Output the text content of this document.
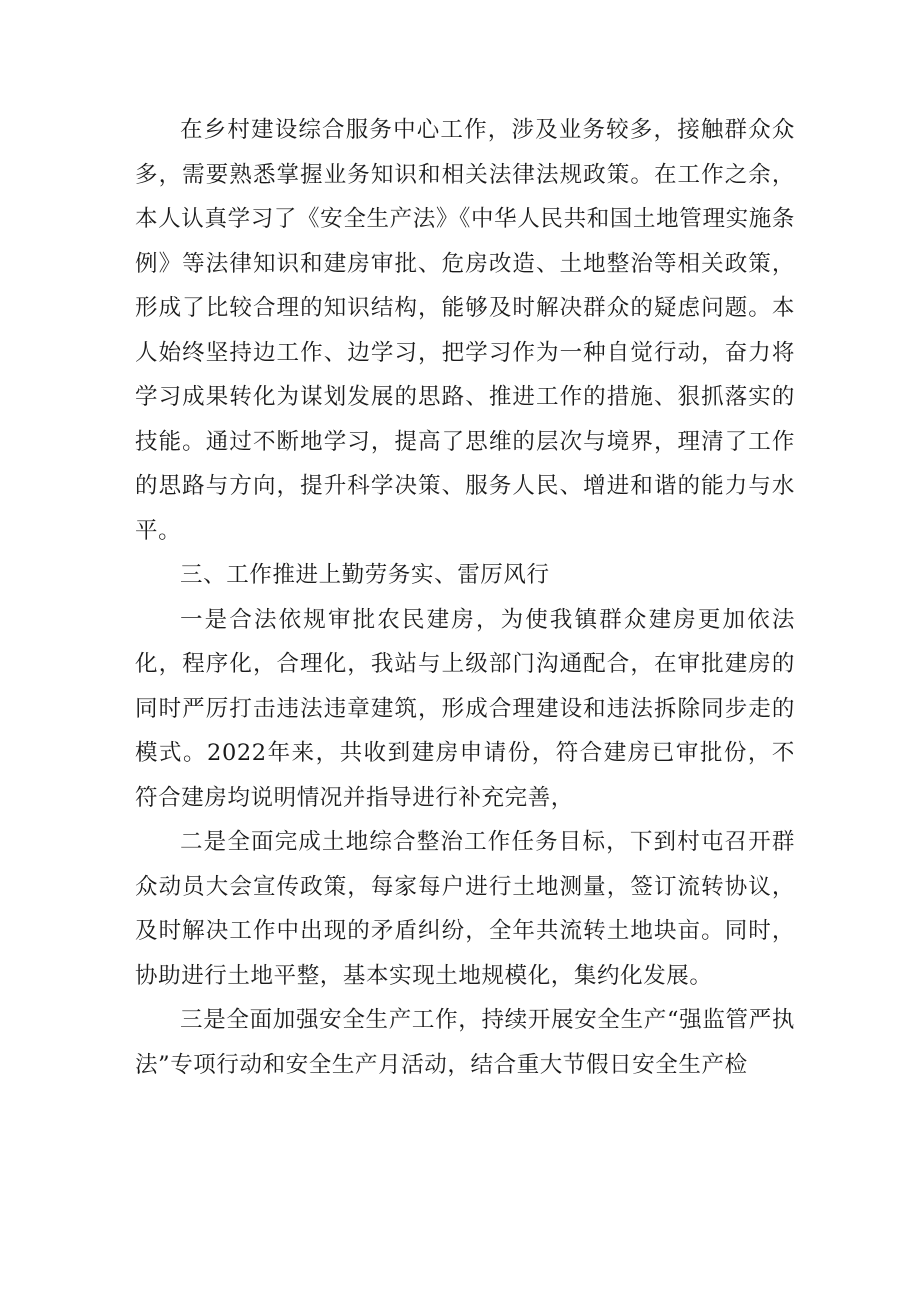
在乡村建设综合服务中心工作，涉及业务较多，接触群众众多，需要熟悉掌握业务知识和相关法律法规政策。在工作之余，本人认真学习了《安全生产法》《中华人民共和国土地管理实施条例》等法律知识和建房审批、危房改造、土地整治等相关政策，形成了比较合理的知识结构，能够及时解决群众的疑虑问题。本人始终坚持边工作、边学习，把学习作为一种自觉行动，奋力将学习成果转化为谋划发展的思路、推进工作的措施、狠抓落实的技能。通过不断地学习，提高了思维的层次与境界，理清了工作的思路与方向，提升科学决策、服务人民、增进和谐的能力与水平。

三、工作推进上勤劳务实、雷厉风行

一是合法依规审批农民建房，为使我镇群众建房更加依法化，程序化，合理化，我站与上级部门沟通配合，在审批建房的同时严厉打击违法违章建筑，形成合理建设和违法拆除同步走的模式。2022年来，共收到建房申请份，符合建房已审批份，不符合建房均说明情况并指导进行补充完善，

二是全面完成土地综合整治工作任务目标，下到村屯召开群众动员大会宣传政策，每家每户进行土地测量，签订流转协议，及时解决工作中出现的矛盾纠纷，全年共流转土地块亩。同时，协助进行土地平整，基本实现土地规模化，集约化发展。

三是全面加强安全生产工作，持续开展安全生产“强监管严执法”专项行动和安全生产月活动，结合重大节假日安全生产检
